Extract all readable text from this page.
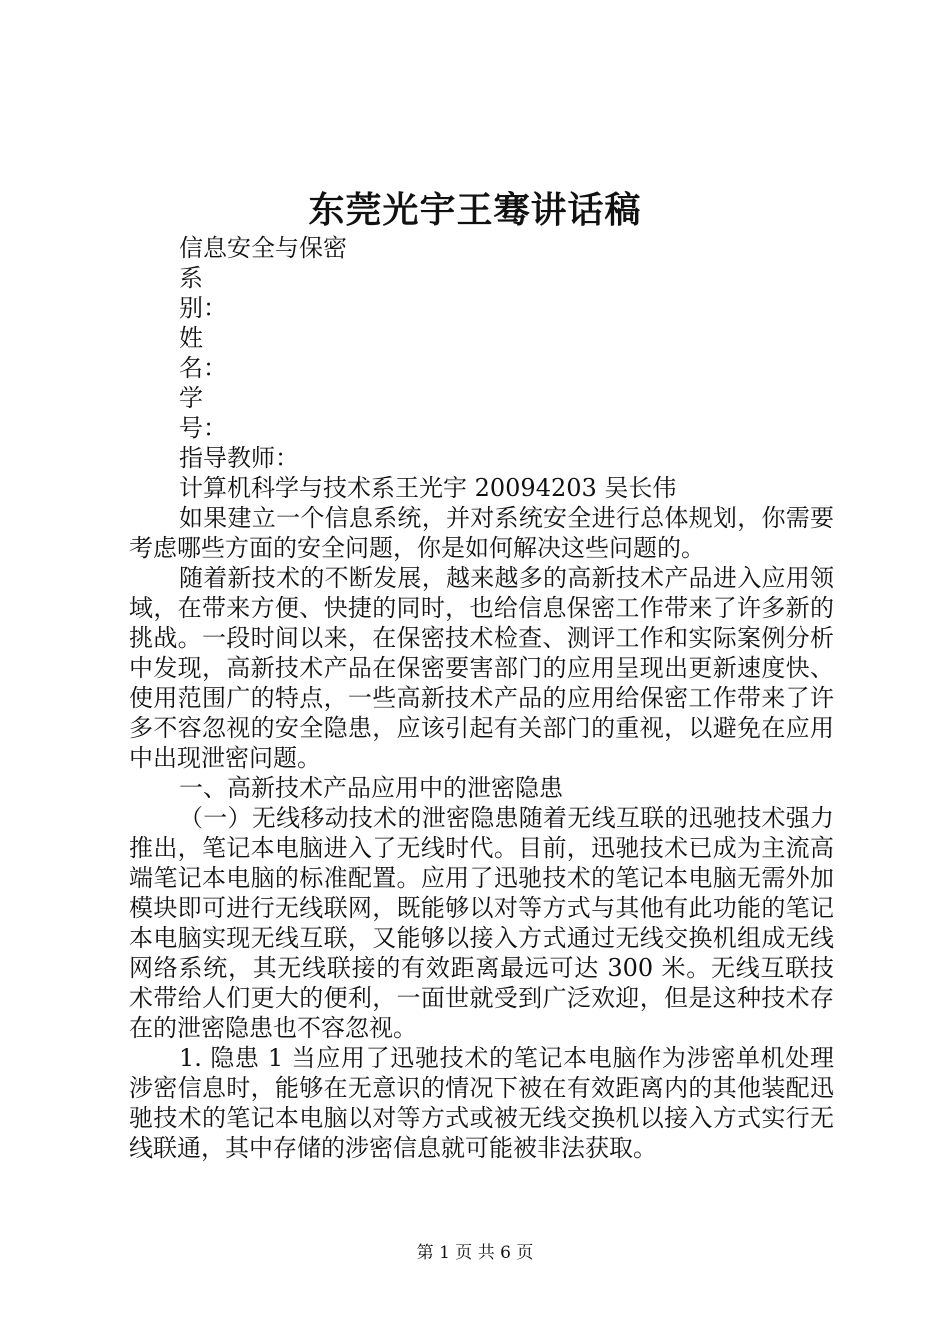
东莞光宇王骞讲话稿
信息安全与保密
系
别：
姓
名：
学
号：
指导教师：
计算机科学与技术系王光宇 20094203 吴长伟
如果建立一个信息系统，并对系统安全进行总体规划，你需要考虑哪些方面的安全问题，你是如何解决这些问题的。
随着新技术的不断发展，越来越多的高新技术产品进入应用领域，在带来方便、快捷的同时，也给信息保密工作带来了许多新的挑战。一段时间以来，在保密技术检查、测评工作和实际案例分析中发现，高新技术产品在保密要害部门的应用呈现出更新速度快、使用范围广的特点，一些高新技术产品的应用给保密工作带来了许多不容忽视的安全隐患，应该引起有关部门的重视，以避免在应用中出现泄密问题。
一、高新技术产品应用中的泄密隐患
（一）无线移动技术的泄密隐患随着无线互联的迅驰技术强力推出，笔记本电脑进入了无线时代。目前，迅驰技术已成为主流高端笔记本电脑的标准配置。应用了迅驰技术的笔记本电脑无需外加模块即可进行无线联网，既能够以对等方式与其他有此功能的笔记本电脑实现无线互联，又能够以接入方式通过无线交换机组成无线网络系统，其无线联接的有效距离最远可达 300 米。无线互联技术带给人们更大的便利，一面世就受到广泛欢迎，但是这种技术存在的泄密隐患也不容忽视。
1. 隐患 1 当应用了迅驰技术的笔记本电脑作为涉密单机处理涉密信息时，能够在无意识的情况下被在有效距离内的其他装配迅驰技术的笔记本电脑以对等方式或被无线交换机以接入方式实行无线联通，其中存储的涉密信息就可能被非法获取。
第 1 页 共 6 页
